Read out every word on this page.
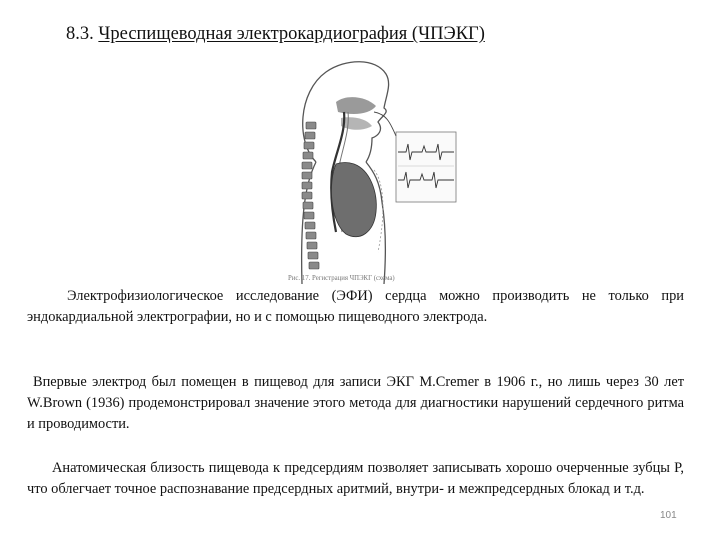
8.3. Чреспищеводная электрокардиография (ЧПЭКГ)
Рис. 17. Регистрация ЧПЭКГ (схема)

Электрофизиологическое исследование (ЭФИ) сердца можно производить не только при эндокардиальной электрографии, но и с помощью пищеводного электрода.

Впервые электрод был помещен в пищевод для записи ЭКГ M.Cremer в 1906 г., но лишь через 30 лет W.Brown (1936) продемонстрировал значение этого метода для диагностики нарушений сердечного ритма и проводимости.

Анатомическая близость пищевода к предсердиям позволяет записывать хорошо очерченные зубцы Р, что облегчает точное распознавание предсердных аритмий, внутри- и межпредсердных блокад и т.д.

101
